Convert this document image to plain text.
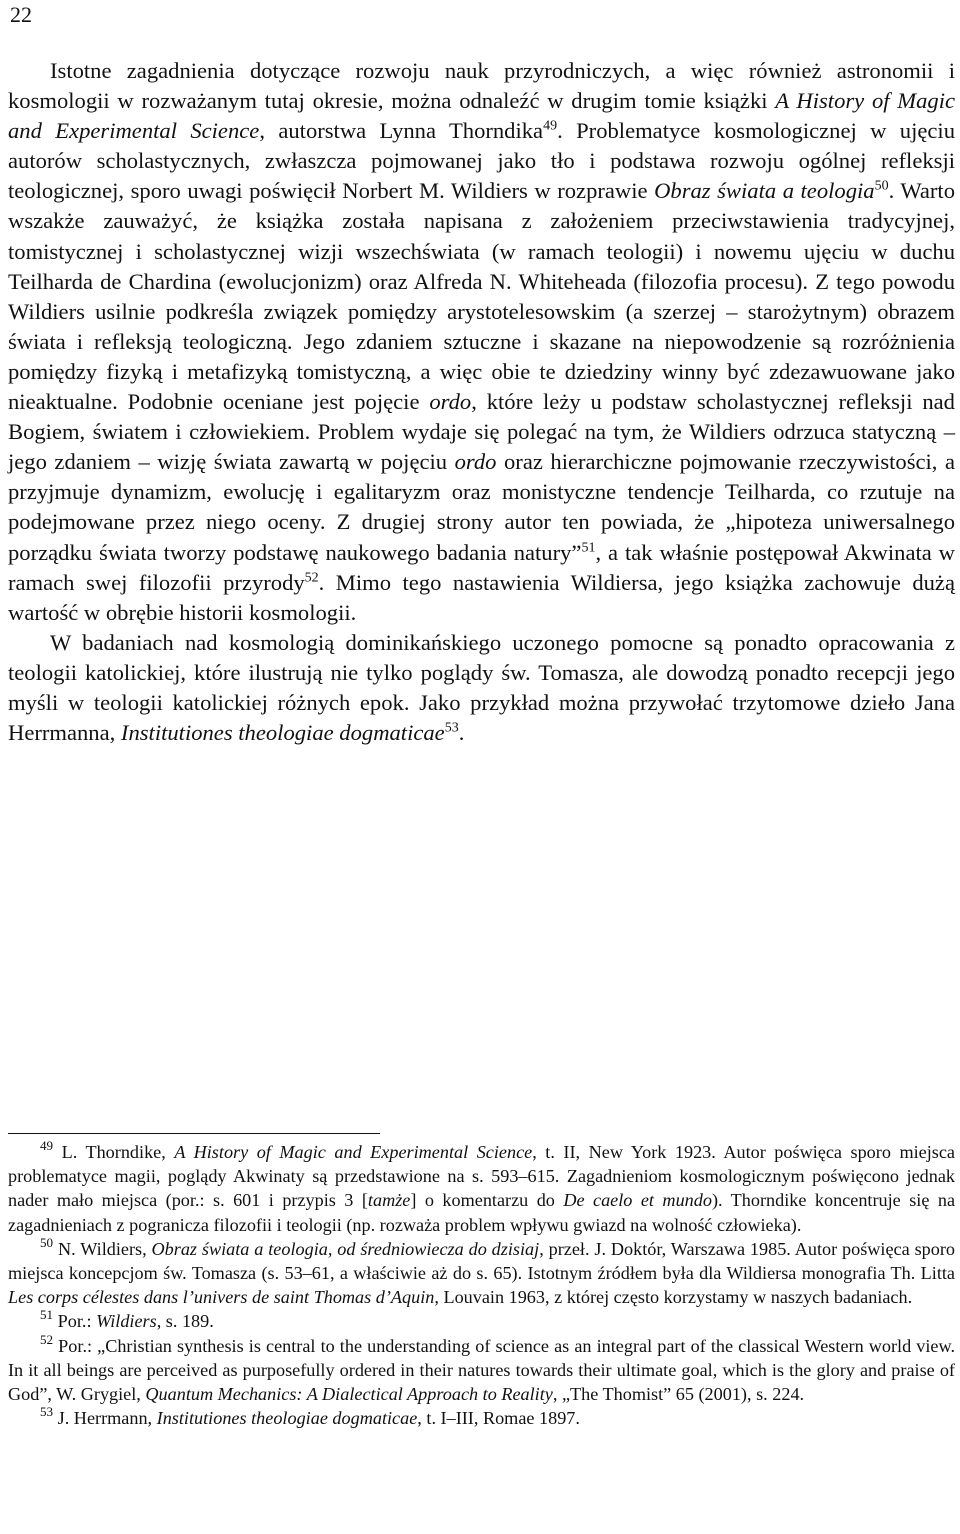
22

Istotne zagadnienia dotyczące rozwoju nauk przyrodniczych, a więc również astronomii i kosmologii w rozważanym tutaj okresie, można odnaleźć w drugim tomie książki A History of Magic and Experimental Science, autorstwa Lynna Thorndika$^{49}$. Problematyce kosmologicznej w ujęciu autorów scholastycznych, zwłaszcza pojmowanej jako tło i podstawa rozwoju ogólnej refleksji teologicznej, sporo uwagi poświęcił Norbert M. Wildiers w rozprawie Obraz świata a teologia$^{50}$. Warto wszakże zauważyć, że książka została napisana z założeniem przeciwstawienia tradycyjnej, tomistycznej i scholastycznej wizji wszechświata (w ramach teologii) i nowemu ujęciu w duchu Teilharda de Chardina (ewolucjonizm) oraz Alfreda N. Whiteheada (filozofia procesu). Z tego powodu Wildiers usilnie podkreśla związek pomiędzy arystotelesowskim (a szerzej – starożytnym) obrazem świata i refleksją teologiczną. Jego zdaniem sztuczne i skazane na niepowodzenie są rozróżnienia pomiędzy fizyką i metafizyką tomistyczną, a więc obie te dziedziny winny być zdezawuowane jako nieaktualne. Podobnie oceniane jest pojęcie ordo, które leży u podstaw scholastycznej refleksji nad Bogiem, światem i człowiekiem. Problem wydaje się polegać na tym, że Wildiers odrzuca statyczną – jego zdaniem – wizję świata zawartą w pojęciu ordo oraz hierarchiczne pojmowanie rzeczywistości, a przyjmuje dynamizm, ewolucję i egalitaryzm oraz monistyczne tendencje Teilharda, co rzutuje na podejmowane przez niego oceny. Z drugiej strony autor ten powiada, że „hipoteza uniwersalnego porządku świata tworzy podstawę naukowego badania natury”$^{51}$, a tak właśnie postępował Akwinata w ramach swej filozofii przyrody$^{52}$. Mimo tego nastawienia Wildiersa, jego książka zachowuje dużą wartość w obrębie historii kosmologii.

W badaniach nad kosmologią dominikańskiego uczonego pomocne są ponadto opracowania z teologii katolickiej, które ilustrują nie tylko poglądy św. Tomasza, ale dowodzą ponadto recepcji jego myśli w teologii katolickiej różnych epok. Jako przykład można przywołać trzytomowe dzieło Jana Herrmanna, Institutiones theologiae dogmaticae$^{53}$.

$^{49}$ L. Thorndike, A History of Magic and Experimental Science, t. II, New York 1923. Autor poświęca sporo miejsca problematyce magii, poglądy Akwinaty są przedstawione na s. 593–615. Zagadnieniom kosmologicznym poświęcono jednak nader mało miejsca (por.: s. 601 i przypis 3 [tamże] o komentarzu do De caelo et mundo). Thorndike koncentruje się na zagadnieniach z pogranicza filozofii i teologii (np. rozważa problem wpływu gwiazd na wolność człowieka).

$^{50}$ N. Wildiers, Obraz świata a teologia, od średniowiecza do dzisiaj, przeł. J. Doktór, Warszawa 1985. Autor poświęca sporo miejsca koncepcjom św. Tomasza (s. 53–61, a właściwie aż do s. 65). Istotnym źródłem była dla Wildiersa monografia Th. Litta Les corps célestes dans l’univers de saint Thomas d’Aquin, Louvain 1963, z której często korzystamy w naszych badaniach.

$^{51}$ Por.: Wildiers, s. 189.

$^{52}$ Por.: „Christian synthesis is central to the understanding of science as an integral part of the classical Western world view. In it all beings are perceived as purposefully ordered in their natures towards their ultimate goal, which is the glory and praise of God”, W. Grygiel, Quantum Mechanics: A Dialectical Approach to Reality, „The Thomist” 65 (2001), s. 224.

$^{53}$ J. Herrmann, Institutiones theologiae dogmaticae, t. I–III, Romae 1897.
